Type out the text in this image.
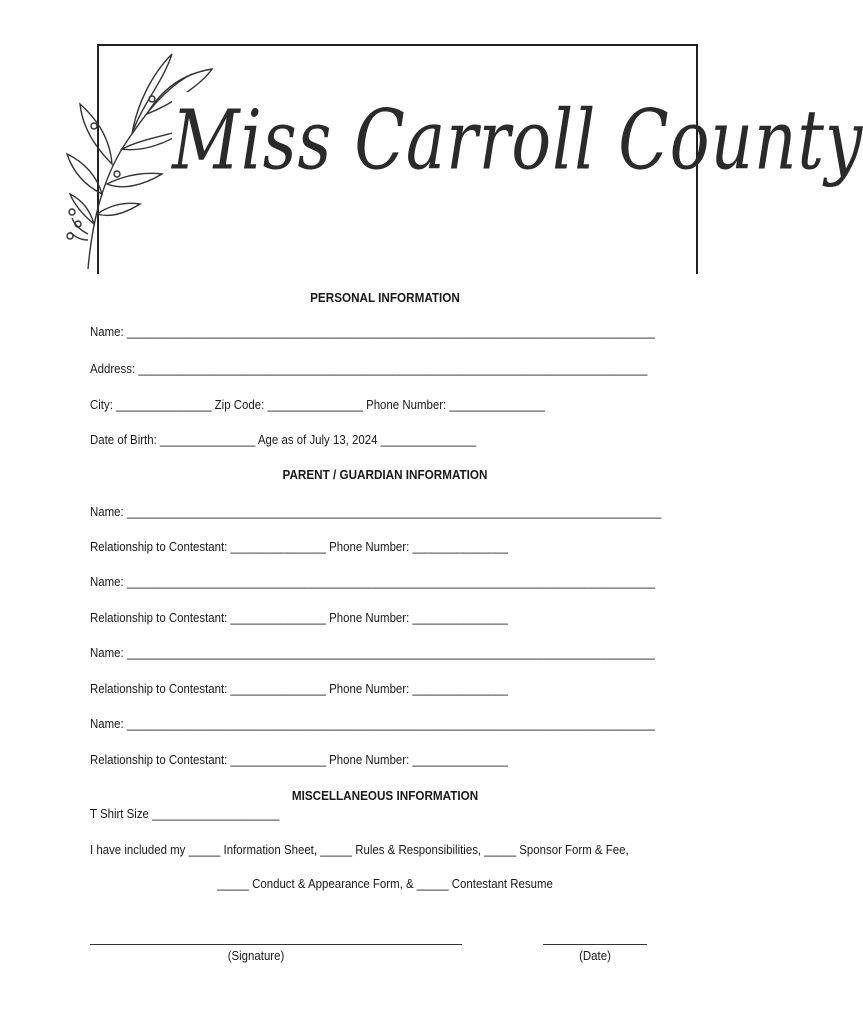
Miss Carroll County
PERSONAL INFORMATION
Name: ___________________________________________________________________________________
Address: ________________________________________________________________________________
City: _______________ Zip Code: _______________ Phone Number: _______________
Date of Birth: _______________ Age as of July 13, 2024 _______________
PARENT / GUARDIAN INFORMATION
Name: ____________________________________________________________________________________
Relationship to Contestant: _______________ Phone Number: _______________
Name: ___________________________________________________________________________________
Relationship to Contestant: _______________ Phone Number: _______________
Name: ___________________________________________________________________________________
Relationship to Contestant: _______________ Phone Number: _______________
Name: ___________________________________________________________________________________
Relationship to Contestant: _______________ Phone Number: _______________
MISCELLANEOUS INFORMATION
T Shirt Size ____________________
I have included my _____ Information Sheet, _____ Rules & Responsibilities, _____ Sponsor Form & Fee,
_____ Conduct & Appearance Form, & _____ Contestant Resume
(Signature)	(Date)
